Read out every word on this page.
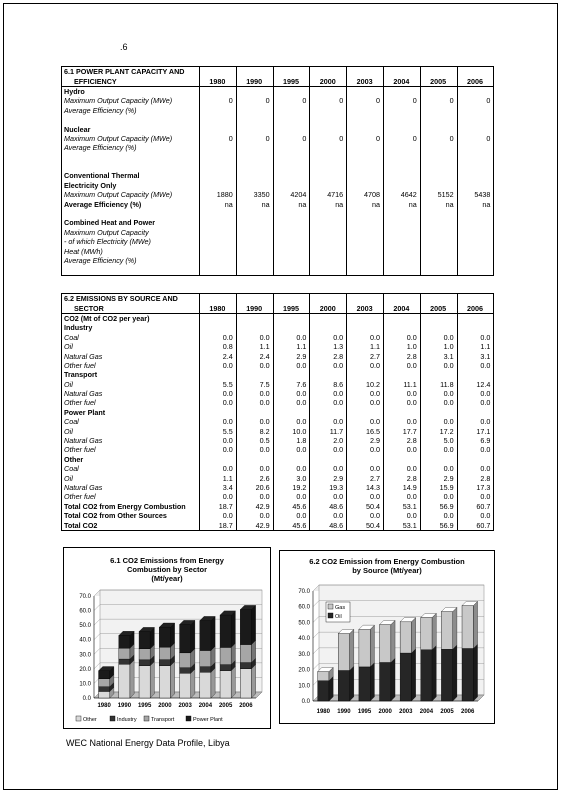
.6
6.1 POWER PLANT CAPACITY AND								
EFFICIENCY	1980	1990	1995	2000	2003	2004	2005	2006
Hydro								
Maximum Output Capacity (MWe)	0	0	0	0	0	0	0	0
Average Efficiency (%)								

Nuclear								
Maximum Output Capacity (MWe)	0	0	0	0	0	0	0	0
Average Efficiency (%)								

Conventional Thermal								
Electricity Only								
Maximum Output Capacity (MWe)	1880	3350	4204	4716	4708	4642	5152	5438
Average Efficiency (%)	na	na	na	na	na	na	na	na

Combined Heat and Power								
Maximum Output Capacity								
- of which Electricity (MWe)								
Heat (MWh)								
Average Efficiency (%)								

6.2 EMISSIONS BY SOURCE AND								
SECTOR	1980	1990	1995	2000	2003	2004	2005	2006
CO2 (Mt of CO2 per year)								
Industry								
Coal	0.0	0.0	0.0	0.0	0.0	0.0	0.0	0.0
Oil	0.8	1.1	1.1	1.3	1.1	1.0	1.0	1.1
Natural Gas	2.4	2.4	2.9	2.8	2.7	2.8	3.1	3.1
Other fuel	0.0	0.0	0.0	0.0	0.0	0.0	0.0	0.0
Transport								
Oil	5.5	7.5	7.6	8.6	10.2	11.1	11.8	12.4
Natural Gas	0.0	0.0	0.0	0.0	0.0	0.0	0.0	0.0
Other fuel	0.0	0.0	0.0	0.0	0.0	0.0	0.0	0.0
Power Plant								
Coal	0.0	0.0	0.0	0.0	0.0	0.0	0.0	0.0
Oil	5.5	8.2	10.0	11.7	16.5	17.7	17.2	17.1
Natural Gas	0.0	0.5	1.8	2.0	2.9	2.8	5.0	6.9
Other fuel	0.0	0.0	0.0	0.0	0.0	0.0	0.0	0.0
Other								
Coal	0.0	0.0	0.0	0.0	0.0	0.0	0.0	0.0
Oil	1.1	2.6	3.0	2.9	2.7	2.8	2.9	2.8
Natural Gas	3.4	20.6	19.2	19.3	14.3	14.9	15.9	17.3
Other fuel	0.0	0.0	0.0	0.0	0.0	0.0	0.0	0.0
Total CO2 from Energy Combustion	18.7	42.9	45.6	48.6	50.4	53.1	56.9	60.7
Total CO2 from Other Sources	0.0	0.0	0.0	0.0	0.0	0.0	0.0	0.0
Total CO2	18.7	42.9	45.6	48.6	50.4	53.1	56.9	60.7
6.1 CO2 Emissions from Energy
Combustion by Sector
(Mt/year)
0.0
10.0
20.0
30.0
40.0
50.0
60.0
70.0
1980 1990 1995 2000 2003 2004 2005 2006
Other	Industry	Transport	Power Plant
6.2 CO2 Emission from Energy Combustion
by Source (Mt/year)
0.0
10.0
20.0
30.0
40.0
50.0
60.0
70.0
1980 1990 1995 2000 2003 2004 2005 2006
Gas
Oil
WEC National Energy Data Profile, Libya
